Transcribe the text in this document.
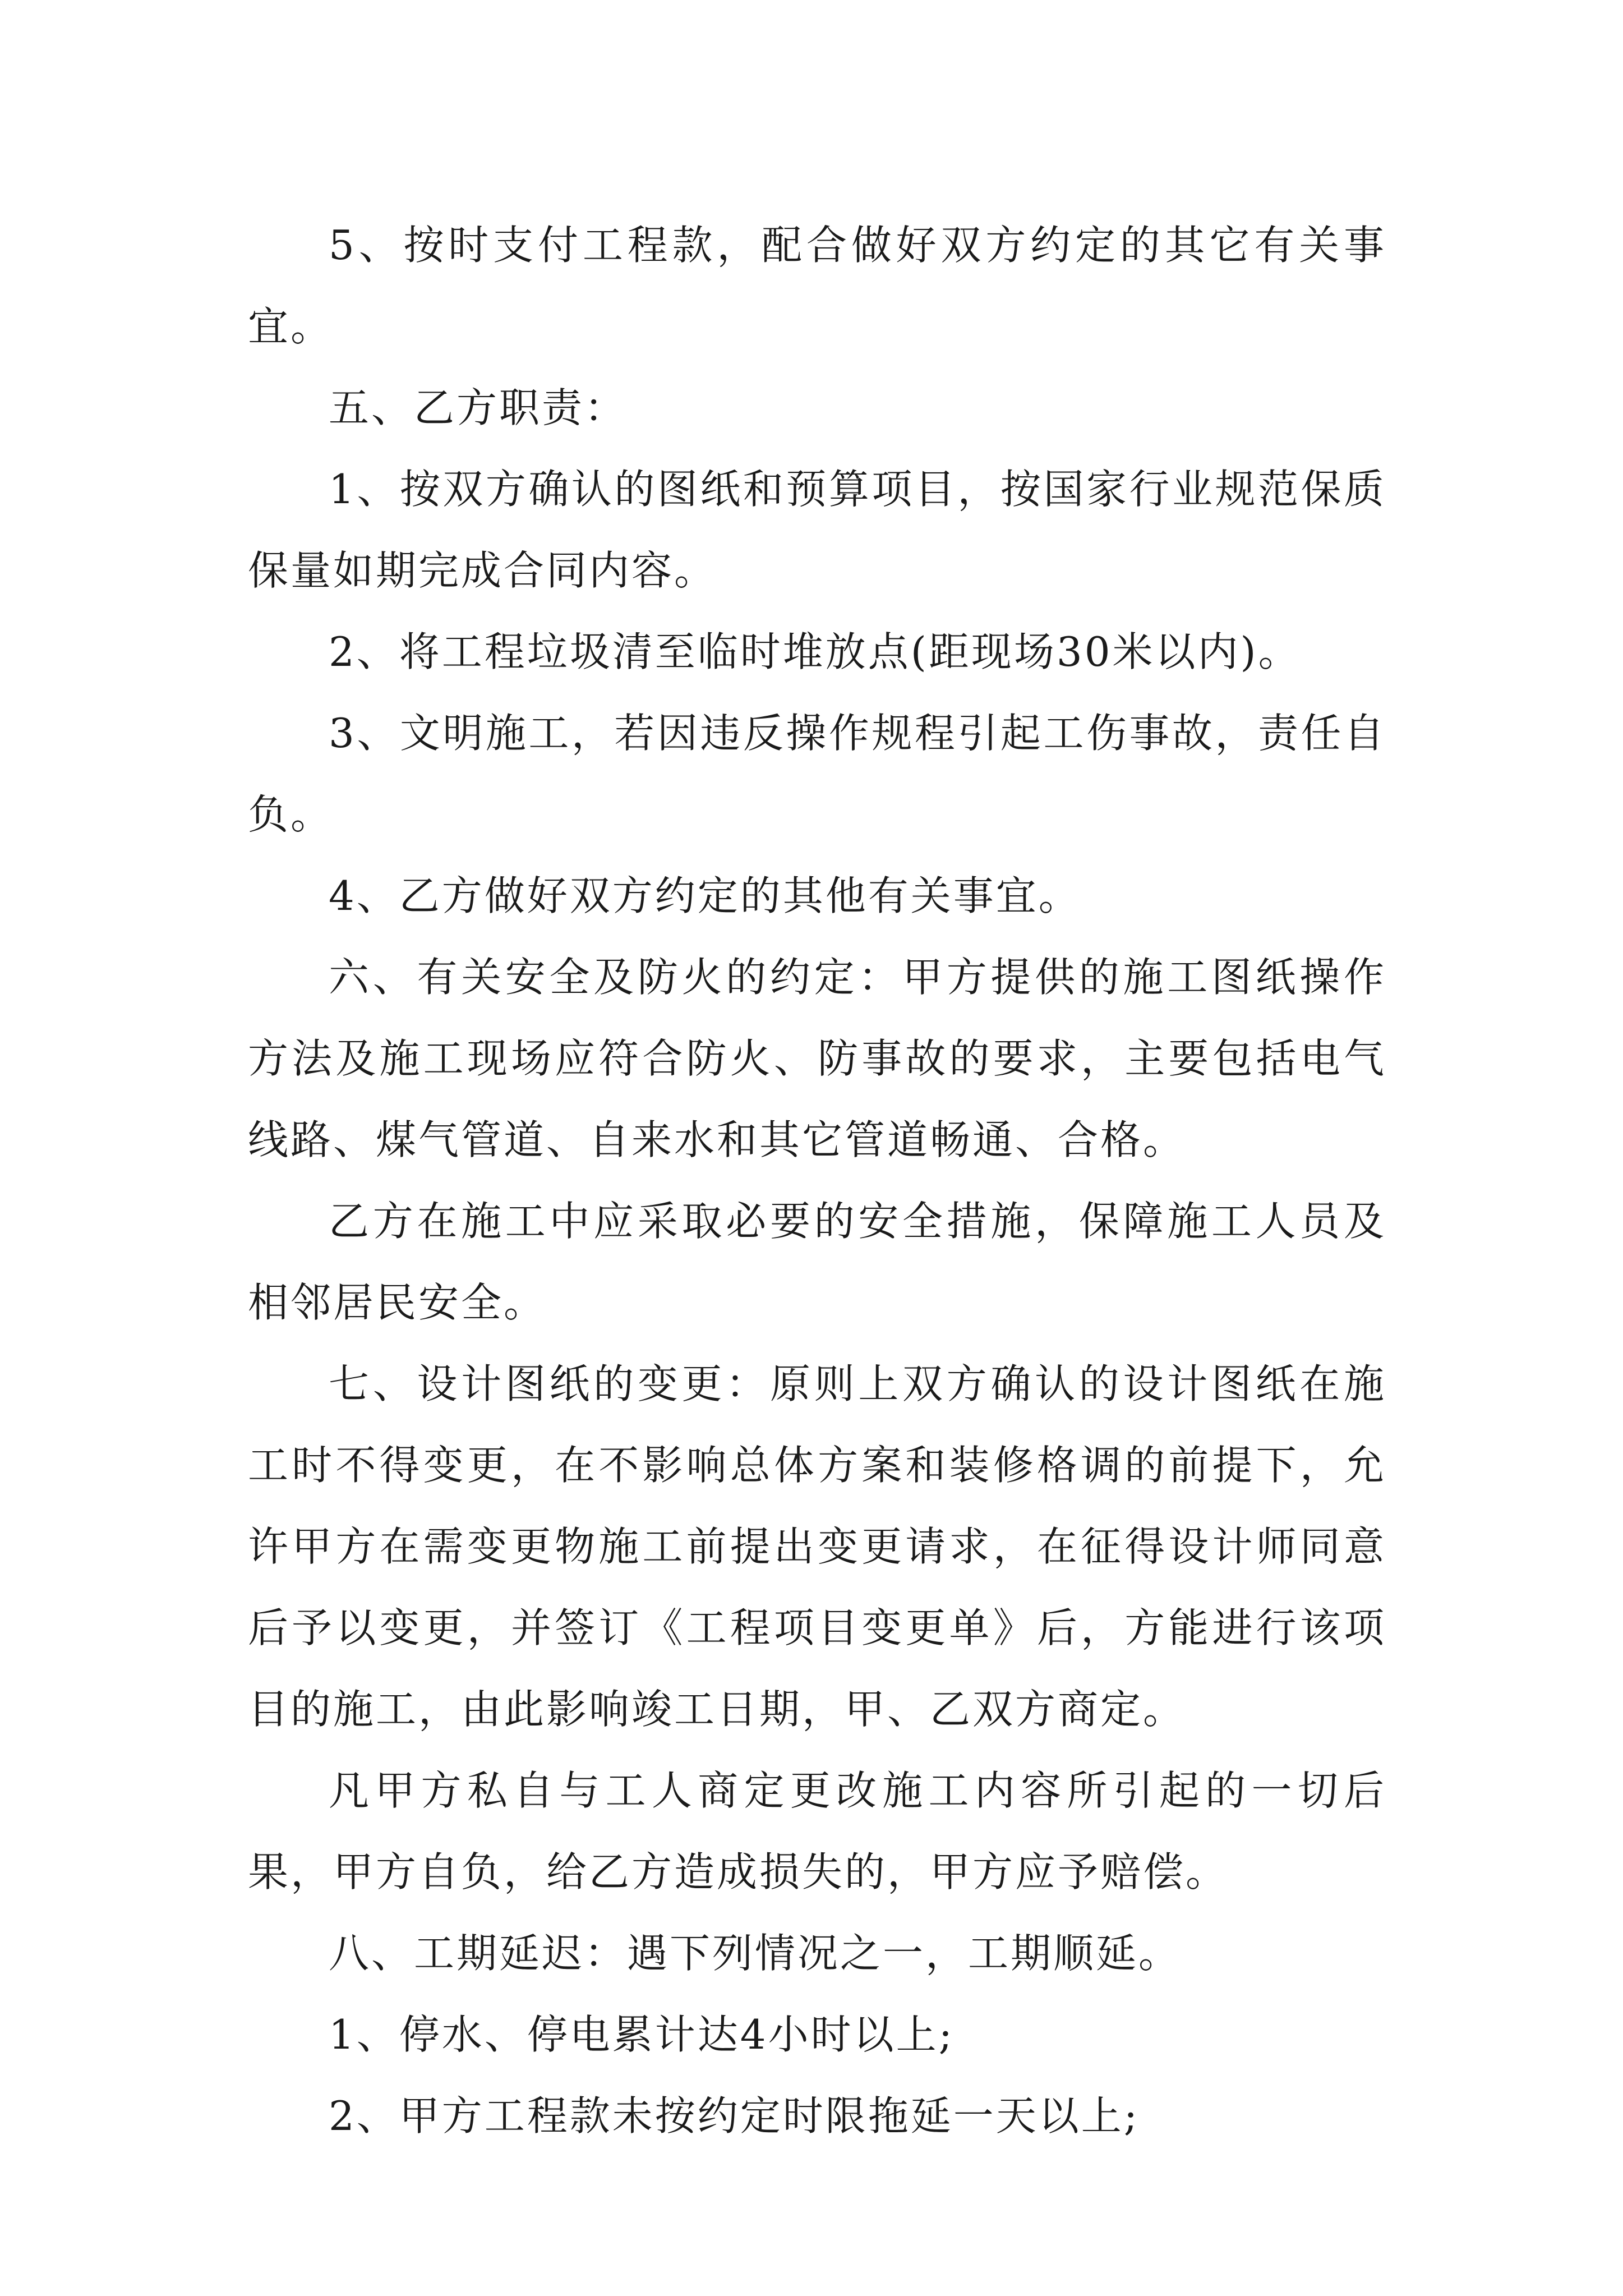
5、按时支付工程款，配合做好双方约定的其它有关事宜。

五、乙方职责：

1、按双方确认的图纸和预算项目，按国家行业规范保质保量如期完成合同内容。

2、将工程垃圾清至临时堆放点(距现场30米以内)。

3、文明施工，若因违反操作规程引起工伤事故，责任自负。

4、乙方做好双方约定的其他有关事宜。

六、有关安全及防火的约定：甲方提供的施工图纸操作方法及施工现场应符合防火、防事故的要求，主要包括电气线路、煤气管道、自来水和其它管道畅通、合格。

乙方在施工中应采取必要的安全措施，保障施工人员及相邻居民安全。

七、设计图纸的变更：原则上双方确认的设计图纸在施工时不得变更，在不影响总体方案和装修格调的前提下，允许甲方在需变更物施工前提出变更请求，在征得设计师同意后予以变更，并签订《工程项目变更单》后，方能进行该项目的施工，由此影响竣工日期，甲、乙双方商定。

凡甲方私自与工人商定更改施工内容所引起的一切后果，甲方自负，给乙方造成损失的，甲方应予赔偿。

八、工期延迟：遇下列情况之一，工期顺延。

1、停水、停电累计达4小时以上;

2、甲方工程款未按约定时限拖延一天以上;
